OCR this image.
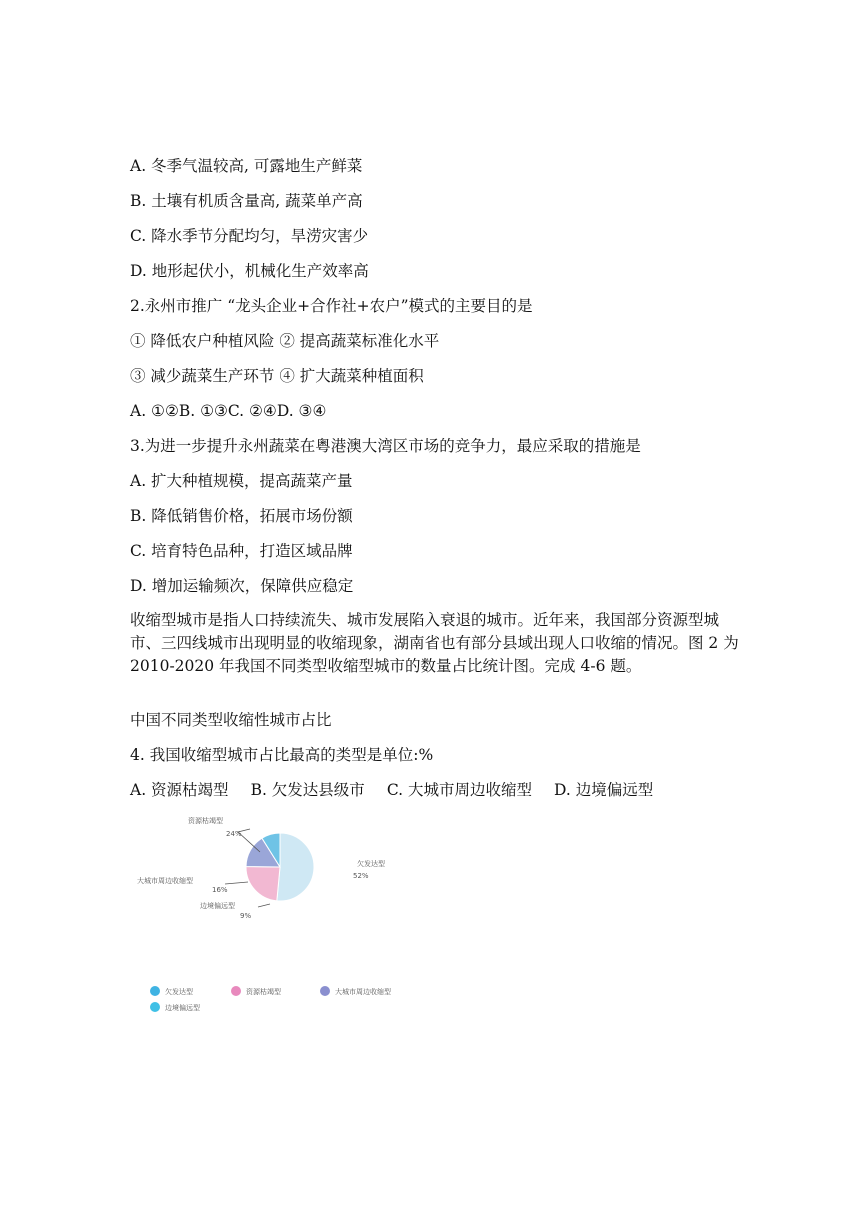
A. 冬季气温较高, 可露地生产鲜菜
B. 土壤有机质含量高, 蔬菜单产高
C. 降水季节分配均匀，旱涝灾害少
D. 地形起伏小，机械化生产效率高
2.永州市推广 “龙头企业+合作社+农户”模式的主要目的是
① 降低农户种植风险 ② 提高蔬菜标准化水平
③ 减少蔬菜生产环节 ④ 扩大蔬菜种植面积
A. ①②B. ①③C. ②④D. ③④
3.为进一步提升永州蔬菜在粤港澳大湾区市场的竞争力，最应采取的措施是
A. 扩大种植规模，提高蔬菜产量
B. 降低销售价格，拓展市场份额
C. 培育特色品种，打造区域品牌
D. 增加运输频次，保障供应稳定
收缩型城市是指人口持续流失、城市发展陷入衰退的城市。近年来，我国部分资源型城市、三四线城市出现明显的收缩现象，湖南省也有部分县域出现人口收缩的情况。图 2 为 2010-2020 年我国不同类型收缩型城市的数量占比统计图。完成 4-6 题。
中国不同类型收缩性城市占比
4. 我国收缩型城市占比最高的类型是单位:%
A. 资源枯竭型 B. 欠发达县级市 C. 大城市周边收缩型 D. 边境偏远型
资源枯竭型
24%
欠发达型
52%
大城市周边收缩型
16%
边境偏远型
9%
欠发达型	资源枯竭型	大城市周边收缩型
边境偏远型
